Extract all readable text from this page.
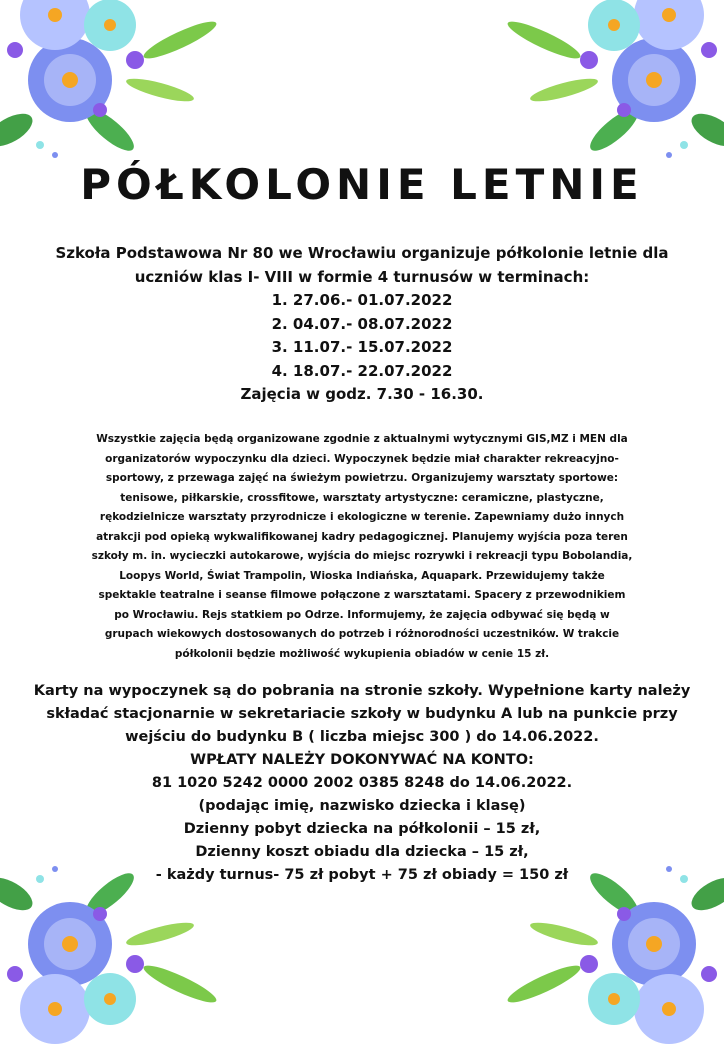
PÓŁKOLONIE LETNIE
Szkoła Podstawowa Nr 80 we Wrocławiu organizuje półkolonie letnie dla uczniów klas I- VIII w formie 4 turnusów w terminach:
1. 27.06.- 01.07.2022
2. 04.07.- 08.07.2022
3. 11.07.- 15.07.2022
4. 18.07.- 22.07.2022
Zajęcia w godz. 7.30 - 16.30.
Wszystkie zajęcia będą organizowane zgodnie z aktualnymi wytycznymi GIS,MZ i MEN dla organizatorów wypoczynku dla dzieci. Wypoczynek będzie miał charakter rekreacyjno- sportowy, z przewaga zajęć na świeżym powietrzu. Organizujemy warsztaty sportowe: tenisowe, piłkarskie, crossfitowe, warsztaty artystyczne: ceramiczne, plastyczne, rękodzielnicze warsztaty przyrodnicze i ekologiczne w terenie. Zapewniamy dużo innych atrakcji pod opieką wykwalifikowanej kadry pedagogicznej. Planujemy wyjścia poza teren szkoły m. in. wycieczki autokarowe, wyjścia do miejsc rozrywki i rekreacji typu Bobolandia, Loopys World, Świat Trampolin, Wioska Indiańska, Aquapark. Przewidujemy także spektakle teatralne i seanse filmowe połączone z warsztatami. Spacery z przewodnikiem po Wrocławiu. Rejs statkiem po Odrze. Informujemy, że zajęcia odbywać się będą w grupach wiekowych dostosowanych do potrzeb i różnorodności uczestników. W trakcie półkolonii będzie możliwość wykupienia obiadów w cenie 15 zł.
Karty na wypoczynek są do pobrania na stronie szkoły. Wypełnione karty należy składać stacjonarnie w sekretariacie szkoły w budynku A lub na punkcie przy wejściu do budynku B ( liczba miejsc 300 ) do 14.06.2022.
WPŁATY NALEŻY DOKONYWAĆ NA KONTO:
81 1020 5242 0000 2002 0385 8248 do 14.06.2022.
(podając imię, nazwisko dziecka i klasę)
Dzienny pobyt dziecka na półkolonii – 15 zł,
Dzienny koszt obiadu dla dziecka – 15 zł,
- każdy turnus- 75 zł pobyt + 75 zł obiady = 150 zł
